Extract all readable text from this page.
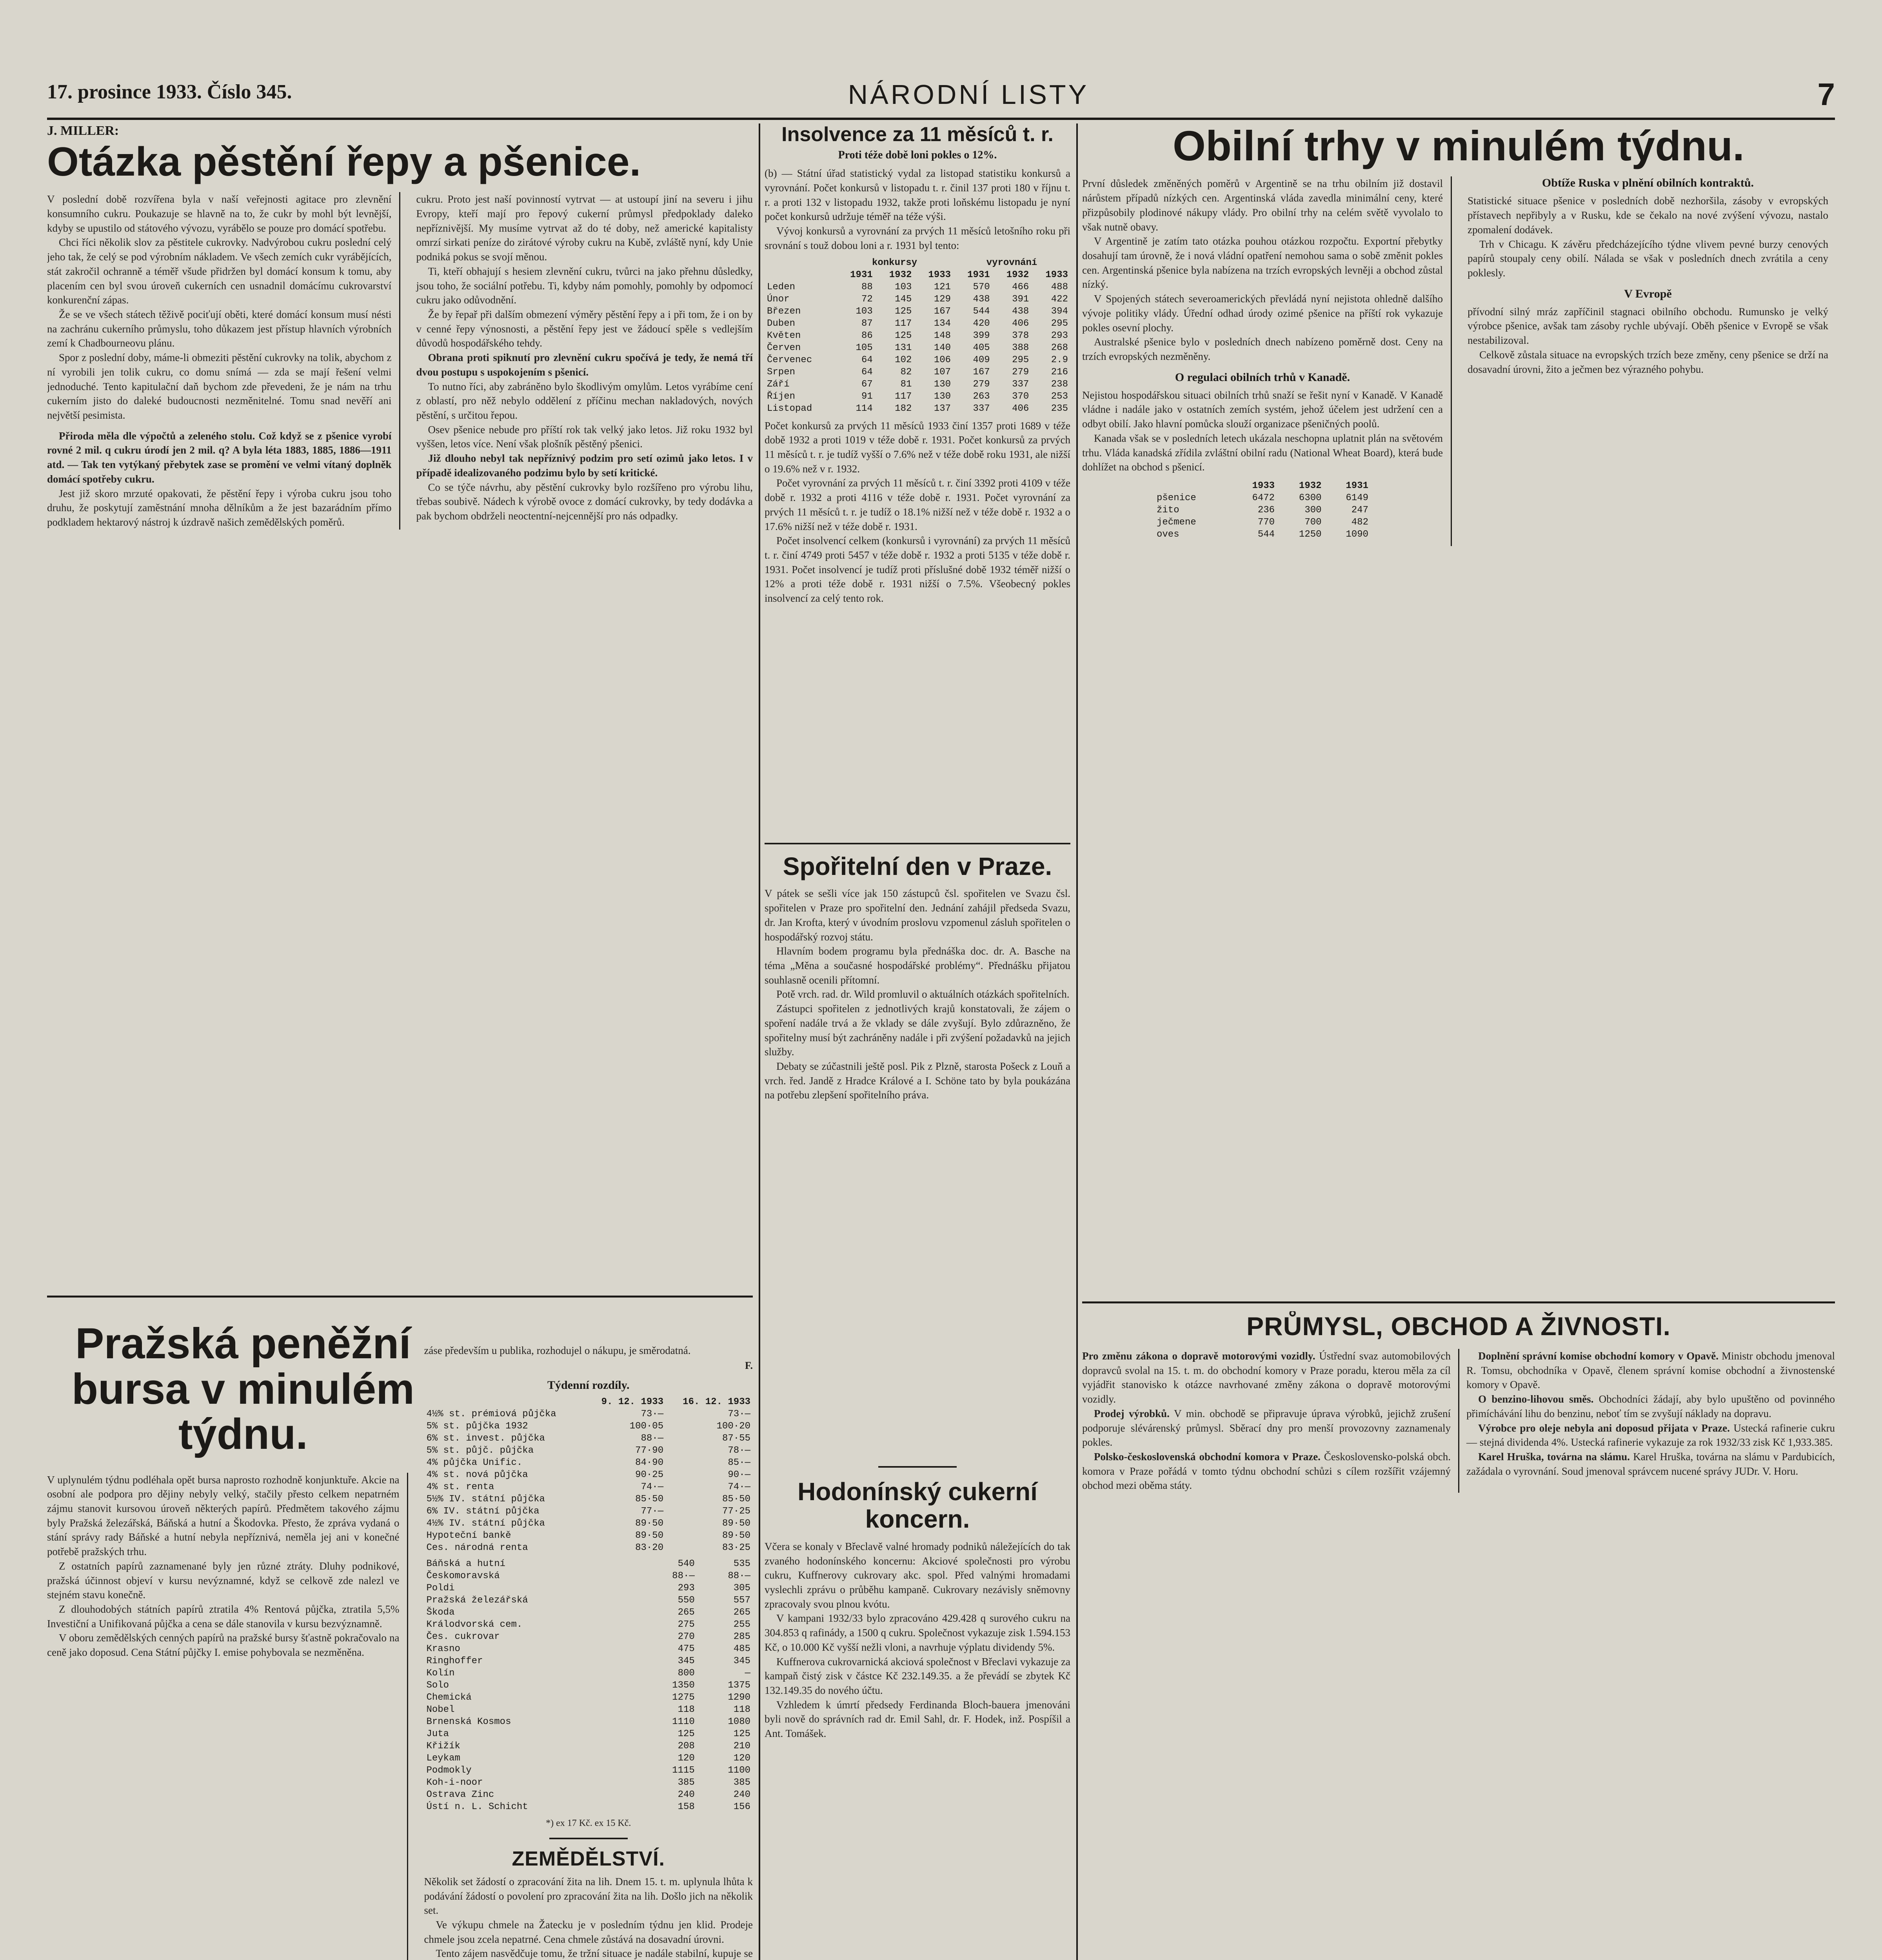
17. prosince 1933. Číslo 345.	NÁRODNÍ LISTY	7
J. MILLER:
Otázka pěstění řepy a pšenice.

V poslední době rozvířena byla v naší veřejnosti agitace pro zlevnění konsumního cukru. Poukazuje se hlavně na to, že cukr by mohl být levnější, kdyby se upustilo od státového vývozu, vyrábělo se pouze pro domácí spotřebu.

Chci říci několik slov za pěstitele cukrovky. Nadvýrobou cukru poslední celý jeho tak, že celý se pod výrobním nákladem. Ve všech zemích cukr vyrábějících, stát zakročil ochranně a téměř všude přidržen byl domácí konsum k tomu, aby placením cen byl svou úroveň cukerních cen usnadnil domácímu cukrovarství konkurenční zápas.

Že se ve všech státech těživě pociťují oběti, které domácí konsum musí nésti na zachránu cukerního průmyslu, toho důkazem jest přístup hlavních výrobních zemí k Chadbourneovu plánu.

Spor z poslední doby, máme-li obmeziti pěstění cukrovky na tolik, abychom z ní vyrobili jen tolik cukru, co domu snímá — zda se mají řešení velmi jednoduché. Tento kapitulační daň bychom zde převedeni, že je nám na trhu cukerním jisto do daleké budoucnosti nezměnitelné. Tomu snad nevěří ani největší pesimista.

Přiroda měla dle výpočtů a zeleného stolu. Což když se z pšenice vyrobí rovné 2 mil. q cukru úrodí jen 2 mil. q? A byla léta 1883, 1885, 1886—1911 atd. — Tak ten vytýkaný přebytek zase se promění ve velmi vítaný doplněk domácí spotřeby cukru.

Jest již skoro mrzuté opakovati, že pěstění řepy i výroba cukru jsou toho druhu, že poskytují zaměstnání mnoha dělníkům a že jest bazarádním přímo podkladem hektarový nástroj k úzdravě našich zemědělských poměrů.

cukru. Proto jest naší povinností vytrvat — at ustoupí jiní na severu i jihu Evropy, kteří mají pro řepový cukerní průmysl předpoklady daleko nepříznivější. My musíme vytrvat až do té doby, než americké kapitalisty omrzí sirkati peníze do zirátové výroby cukru na Kubě, zvláště nyní, kdy Unie podniká pokus se svojí měnou.

Ti, kteří obhajují s hesiem zlevnění cukru, tvůrci na jako přehnu důsledky, jsou toho, že sociální potřebu. Ti, kdyby nám pomohly, pomohly by odpomocí cukru jako odůvodnění.

Že by řepař při dalším obmezení výměry pěstění řepy a i při tom, že i on by v cenné řepy výnosnosti, a pěstění řepy jest ve žádoucí spěle s vedlejším důvodů hospodářského tehdy.

Obrana proti spiknutí pro zlevnění cukru spočívá je tedy, že nemá tří dvou postupu s uspokojením s pšenicí.

To nutno říci, aby zabráněno bylo škodlivým omylům. Letos vyrábíme cení z oblastí, pro něž nebylo oddělení z příčinu mechan nakladových, nových pěstění, s určitou řepou.

Osev pšenice nebude pro příští rok tak velký jako letos. Již roku 1932 byl vyššen, letos více. Není však plošník pěstěný pšenici.

Již dlouho nebyl tak nepříznivý podzim pro setí ozimů jako letos. I v případě idealizovaného podzimu bylo by setí kritické.

Co se týče návrhu, aby pěstění cukrovky bylo rozšířeno pro výrobu lihu, třebas soubivě. Nádech k výrobě ovoce z domácí cukrovky, by tedy dodávka a pak bychom obdrželi neoctentní-nejcennější pro nás odpadky.

Pražská peněžní bursa v minulém týdnu.

V uplynulém týdnu podléhala opět bursa naprosto rozhodně konjunktuře. Akcie na osobní ale podpora pro dějiny nebyly velký, stačily přesto celkem nepatrném zájmu stanovit kursovou úroveň některých papírů. Předmětem takového zájmu byly Pražská železářská, Báňská a hutní a Škodovka. Přesto, že zpráva vydaná o stání správy rady Báňské a hutní nebyla nepříznivá, neměla jej ani v konečné potřebě pražských trhu.

Z ostatních papírů zaznamenané byly jen různé ztráty. Dluhy podnikové, pražská účinnost objeví v kursu nevýznamné, když se celkově zde nalezl ve stejném stavu konečně.

Z dlouhodobých státních papírů ztratila 4% Rentová půjčka, ztratila 5,5% Investiční a Unifikovaná půjčka a cena se dále stanovila v kursu bezvýznamně.

V oboru zemědělských cenných papírů na pražské bursy šťastně pokračovalo na ceně jako doposud. Cena Státní půjčky I. emise pohybovala se nezměněna.

záse především u publika, rozhodujel o nákupu, je směrodatná.

F.
Týdenní rozdíly.
	9. 12. 1933	16. 12. 1933
4½% st. prémiová půjčka	73·—	73·—
5% st. půjčka 1932	100·05	100·20
6% st. invest. půjčka	88·—	87·55
5% st. půjč. půjčka	77·90	78·—
4% půjčka Unific.	84·90	85·—
4% st. nová půjčka	90·25	90·—
4% st. renta	74·—	74·—
5½% IV. státní půjčka	85·50	85·50
6% IV. státní půjčka	77·—	77·25
4½% IV. státní půjčka	89·50	89·50
Hypoteční bankě	89·50	89·50
Ces. národná renta	83·20	83·25
Báňská a hutní	540	535
Českomoravská	88·—	88·—
Poldi	293	305
Pražská železářská	550	557
Škoda	265	265
Králodvorská cem.	275	255
Čes. cukrovar	270	285
Krasno	475	485
Ringhoffer	345	345
Kolín	800	—
Solo	1350	1375
Chemická	1275	1290
Nobel	118	118
Brnenská Kosmos	1110	1080
Juta	125	125
Křižík	208	210
Leykam	120	120
Podmokly	1115	1100
Koh-i-noor	385	385
Ostrava Zinc	240	240
Ústí n. L. Schicht	158	156
*) ex 17 Kč. ex 15 Kč.
ZEMĚDĚLSTVÍ.

Několik set žádostí o zpracování žita na lih. Dnem 15. t. m. uplynula lhůta k podávání žádostí o povolení pro zpracování žita na lih. Došlo jich na několik set.

Ve výkupu chmele na Žatecku je v posledním týdnu jen klid. Prodeje chmele jsou zcela nepatrné. Cena chmele zůstává na dosavadní úrovni.

Tento zájem nasvědčuje tomu, že tržní situace je nadále stabilní, kupuje se

Insolvence za 11 měsíců t. r.
Proti téže době loni pokles o 12%.

(b) — Státní úřad statistický vydal za listopad statistiku konkursů a vyrovnání. Počet konkursů v listopadu t. r. činil 137 proti 180 v říjnu t. r. a proti 132 v listopadu 1932, takže proti loňskému listopadu je nyní počet konkursů udržuje téměř na téže výši.

Vývoj konkursů a vyrovnání za prvých 11 měsíců letošního roku při srovnání s touž dobou loni a r. 1931 byl tento:

	konkursy			vyrovnání		
	1931	1932	1933	1931	1932	1933
Leden	88	103	121	570	466	488
Únor	72	145	129	438	391	422
Březen	103	125	167	544	438	394
Duben	87	117	134	420	406	295
Květen	86	125	148	399	378	293
Červen	105	131	140	405	388	268
Červenec	64	102	106	409	295	2.9
Srpen	64	82	107	167	279	216
Září	67	81	130	279	337	238
Říjen	91	117	130	263	370	253
Listopad	114	182	137	337	406	235

Počet konkursů za prvých 11 měsíců 1933 činí 1357 proti 1689 v téže době 1932 a proti 1019 v téže době r. 1931. Počet konkursů za prvých 11 měsíců t. r. je tudíž vyšší o 7.6% než v téže době roku 1931, ale nižší o 19.6% než v r. 1932.

Počet vyrovnání za prvých 11 měsíců t. r. činí 3392 proti 4109 v téže době r. 1932 a proti 4116 v téže době r. 1931. Počet vyrovnání za prvých 11 měsíců t. r. je tudíž o 18.1% nižší než v téže době r. 1932 a o 17.6% nižší než v téže době r. 1931.

Počet insolvencí celkem (konkursů i vyrovnání) za prvých 11 měsíců t. r. činí 4749 proti 5457 v téže době r. 1932 a proti 5135 v téže době r. 1931. Počet insolvencí je tudíž proti příslušné době 1932 téměř nižší o 12% a proti téže době r. 1931 nižší o 7.5%. Všeobecný pokles insolvencí za celý tento rok.

Spořitelní den v Praze.

V pátek se sešli více jak 150 zástupců čsl. spořitelen ve Svazu čsl. spořitelen v Praze pro spořitelní den. Jednání zahájil předseda Svazu, dr. Jan Krofta, který v úvodním proslovu vzpomenul zásluh spořitelen o hospodářský rozvoj státu.

Hlavním bodem programu byla přednáška doc. dr. A. Basche na téma „Měna a současné hospodářské problémy“. Přednášku přijatou souhlasně ocenili přítomní.

Potě vrch. rad. dr. Wild promluvil o aktuálních otázkách spořitelních.

Zástupci spořitelen z jednotlivých krajů konstatovali, že zájem o spoření nadále trvá a že vklady se dále zvyšují. Bylo zdůrazněno, že spořitelny musí být zachráněny nadále i při zvýšení požadavků na jejich služby.

Debaty se zúčastnili ještě posl. Pik z Plzně, starosta Pošeck z Louň a vrch. řed. Jandě z Hradce Králové a I. Schöne tato by byla poukázána na potřebu zlepšení spořitelního práva.

Hodonínský cukerní koncern.

Včera se konaly v Břeclavě valné hromady podniků náležejících do tak zvaného hodonínského koncernu: Akciové společnosti pro výrobu cukru, Kuffnerovy cukrovary akc. spol. Před valnými hromadami vyslechli zprávu o průběhu kampaně. Cukrovary nezávisly sněmovny zpracovaly svou plnou kvótu.

V kampani 1932/33 bylo zpracováno 429.428 q surového cukru na 304.853 q rafinády, a 1500 q cukru. Společnost vykazuje zisk 1.594.153 Kč, o 10.000 Kč vyšší nežli vloni, a navrhuje výplatu dividendy 5%.

Kuffnerova cukrovarnická akciová společnost v Břeclavi vykazuje za kampaň čistý zisk v částce Kč 232.149.35. a že převádí se zbytek Kč 132.149.35 do nového účtu.

Vzhledem k úmrtí předsedy Ferdinanda Bloch-bauera jmenováni byli nově do správních rad dr. Emil Sahl, dr. F. Hodek, inž. Pospíšil a Ant. Tomášek.

Obilní trhy v minulém týdnu.

První důsledek změněných poměrů v Argentině se na trhu obilním již dostavil nárůstem případů nízkých cen. Argentinská vláda zavedla minimální ceny, které přizpůsobily plodinové nákupy vlády. Pro obilní trhy na celém světě vyvolalo to však nutně obavy.

V Argentině je zatím tato otázka pouhou otázkou rozpočtu. Exportní přebytky dosahují tam úrovně, že i nová vládní opatření nemohou sama o sobě změnit pokles cen. Argentinská pšenice byla nabízena na trzích evropských levněji a obchod zůstal nízký.

V Spojených státech severoamerických převládá nyní nejistota ohledně dalšího vývoje politiky vlády. Úřední odhad úrody ozimé pšenice na příští rok vykazuje pokles osevní plochy.

Australské pšenice bylo v posledních dnech nabízeno poměrně dost. Ceny na trzích evropských nezměněny.

O regulaci obilních trhů v Kanadě.

Nejistou hospodářskou situaci obilních trhů snaží se řešit nyní v Kanadě. V Kanadě vládne i nadále jako v ostatních zemích systém, jehož účelem jest udržení cen a odbyt obilí. Jako hlavní pomůcka slouží organizace pšeničných poolů.

Kanada však se v posledních letech ukázala neschopna uplatnit plán na světovém trhu. Vláda kanadská zřídila zvláštní obilní radu (National Wheat Board), která bude dohlížet na obchod s pšenicí.

	1933	1932	1931
pšenice	6472	6300	6149
žito	236	300	247
ječmene	770	700	482
oves	544	1250	1090
Obtíže Ruska v plnění obilních kontraktů.

Statistické situace pšenice v posledních době nezhoršila, zásoby v evropských přístavech nepřibyly a v Rusku, kde se čekalo na nové zvýšení vývozu, nastalo zpomalení dodávek.

Trh v Chicagu. K závěru předcházejícího týdne vlivem pevné burzy cenových papírů stoupaly ceny obilí. Nálada se však v posledních dnech zvrátila a ceny poklesly.

V Evropě

přívodní silný mráz zapříčinil stagnaci obilního obchodu. Rumunsko je velký výrobce pšenice, avšak tam zásoby rychle ubývají. Oběh pšenice v Evropě se však nestabilizoval.

Celkově zůstala situace na evropských trzích beze změny, ceny pšenice se drží na dosavadní úrovni, žito a ječmen bez výrazného pohybu.

PRŮMYSL, OBCHOD A ŽIVNOSTI.

Pro změnu zákona o dopravě motorovými vozidly. Ústřední svaz automobilových dopravců svolal na 15. t. m. do obchodní komory v Praze poradu, kterou měla za cíl vyjádřit stanovisko k otázce navrhované změny zákona o dopravě motorovými vozidly.

Prodej výrobků. V min. obchodě se připravuje úprava výrobků, jejichž zrušení podporuje slévárenský průmysl. Sběrací dny pro menší provozovny zaznamenaly pokles.

Polsko-československá obchodní komora v Praze. Československo-polská obch. komora v Praze pořádá v tomto týdnu obchodní schůzi s cílem rozšířit vzájemný obchod mezi oběma státy.

Doplnění správní komise obchodní komory v Opavě. Ministr obchodu jmenoval R. Tomsu, obchodníka v Opavě, členem správní komise obchodní a živnostenské komory v Opavě.

O benzino-lihovou směs. Obchodníci žádají, aby bylo upuštěno od povinného přimíchávání lihu do benzinu, neboť tím se zvyšují náklady na dopravu.

Výrobce pro oleje nebyla ani doposud přijata v Praze. Ustecká rafinerie cukru — stejná dividenda 4%. Ustecká rafinerie vykazuje za rok 1932/33 zisk Kč 1,933.385.

Karel Hruška, továrna na slámu. Karel Hruška, továrna na slámu v Pardubicích, zažádala o vyrovnání. Soud jmenoval správcem nucené správy JUDr. V. Horu.
